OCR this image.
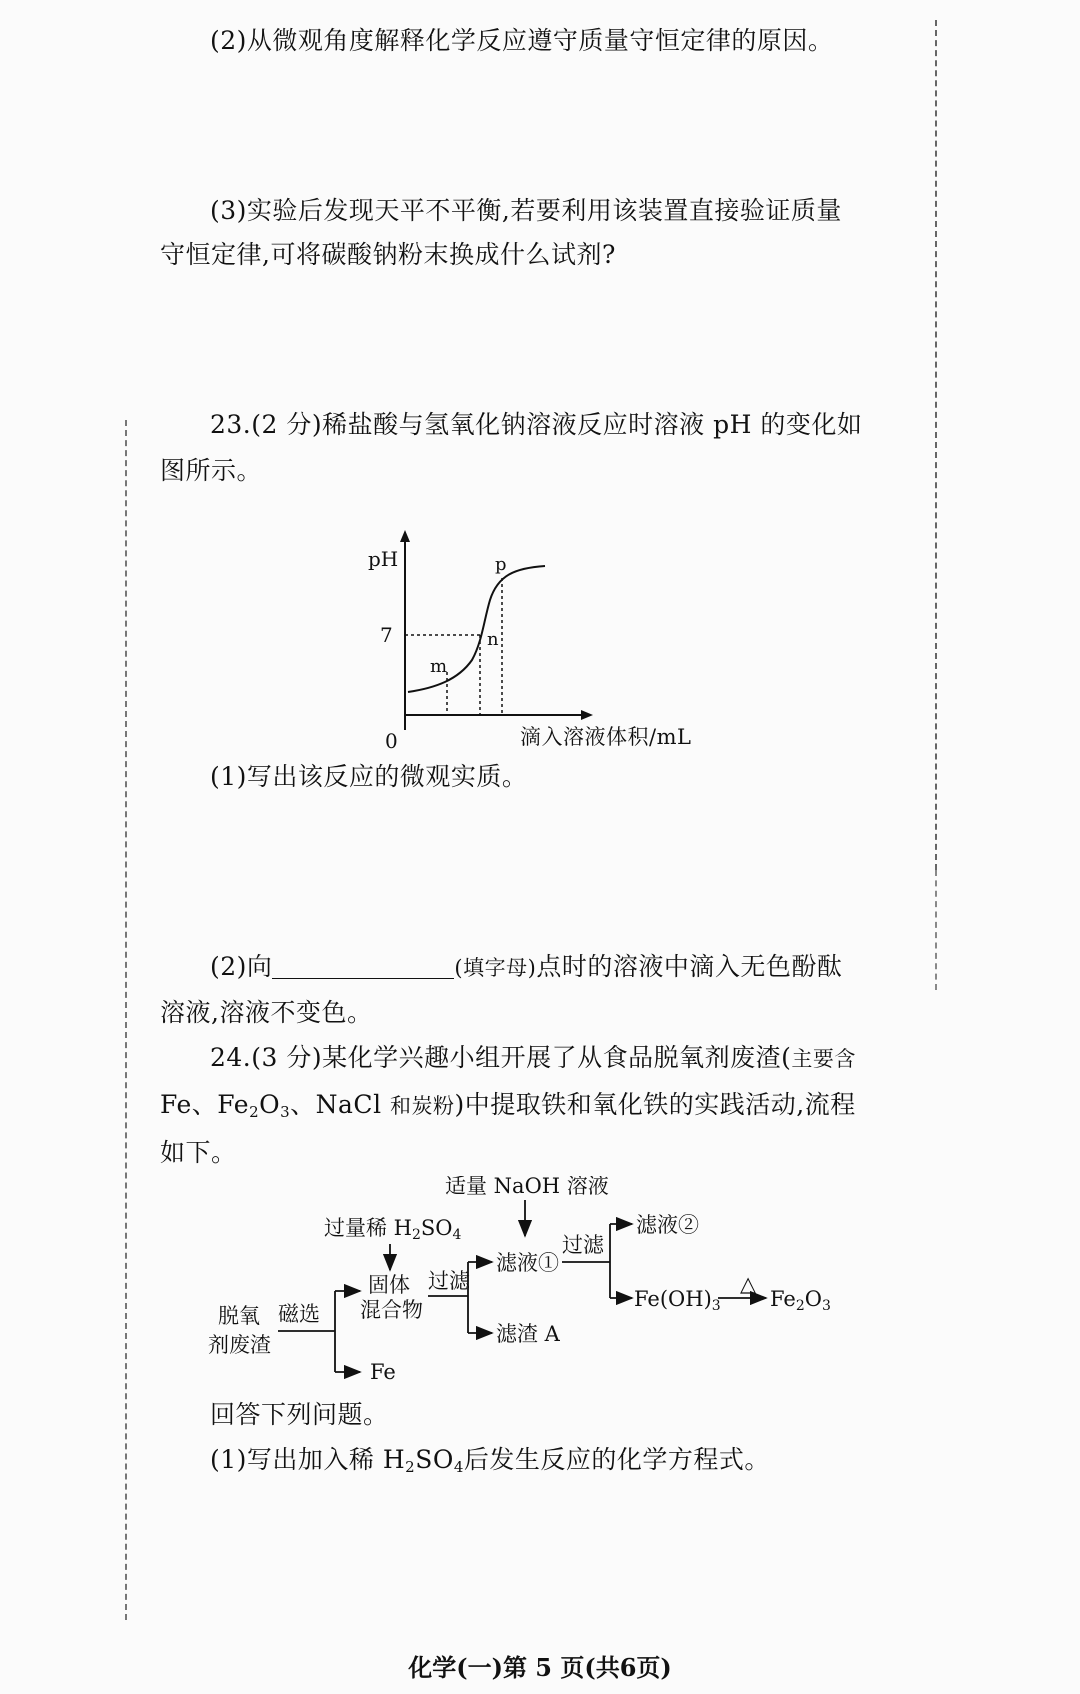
(2)从微观角度解释化学反应遵守质量守恒定律的原因。
(3)实验后发现天平不平衡,若要利用该装置直接验证质量
守恒定律,可将碳酸钠粉末换成什么试剂?
23.(2 分)稀盐酸与氢氧化钠溶液反应时溶液 pH 的变化如
图所示。
pH
7
0
m
n
p
滴入溶液体积/mL
(1)写出该反应的微观实质。
(2)向	(填字母)点时的溶液中滴入无色酚酞
溶液,溶液不变色。
24.(3 分)某化学兴趣小组开展了从食品脱氧剂废渣(主要含
Fe、$Fe_2O_3$、NaCl 和炭粉)中提取铁和氧化铁的实践活动,流程
如下。
脱氧
剂废渣
磁选
Fe
过量稀 H2SO4
固体
混合物
过滤
滤液①
滤渣 A
适量 NaOH 溶液
过滤
滤液②
Fe(OH)3
△
Fe2O3
回答下列问题。
(1)写出加入稀 $H_2SO_4$后发生反应的化学方程式。
化学(一)第 5 页(共6页)
